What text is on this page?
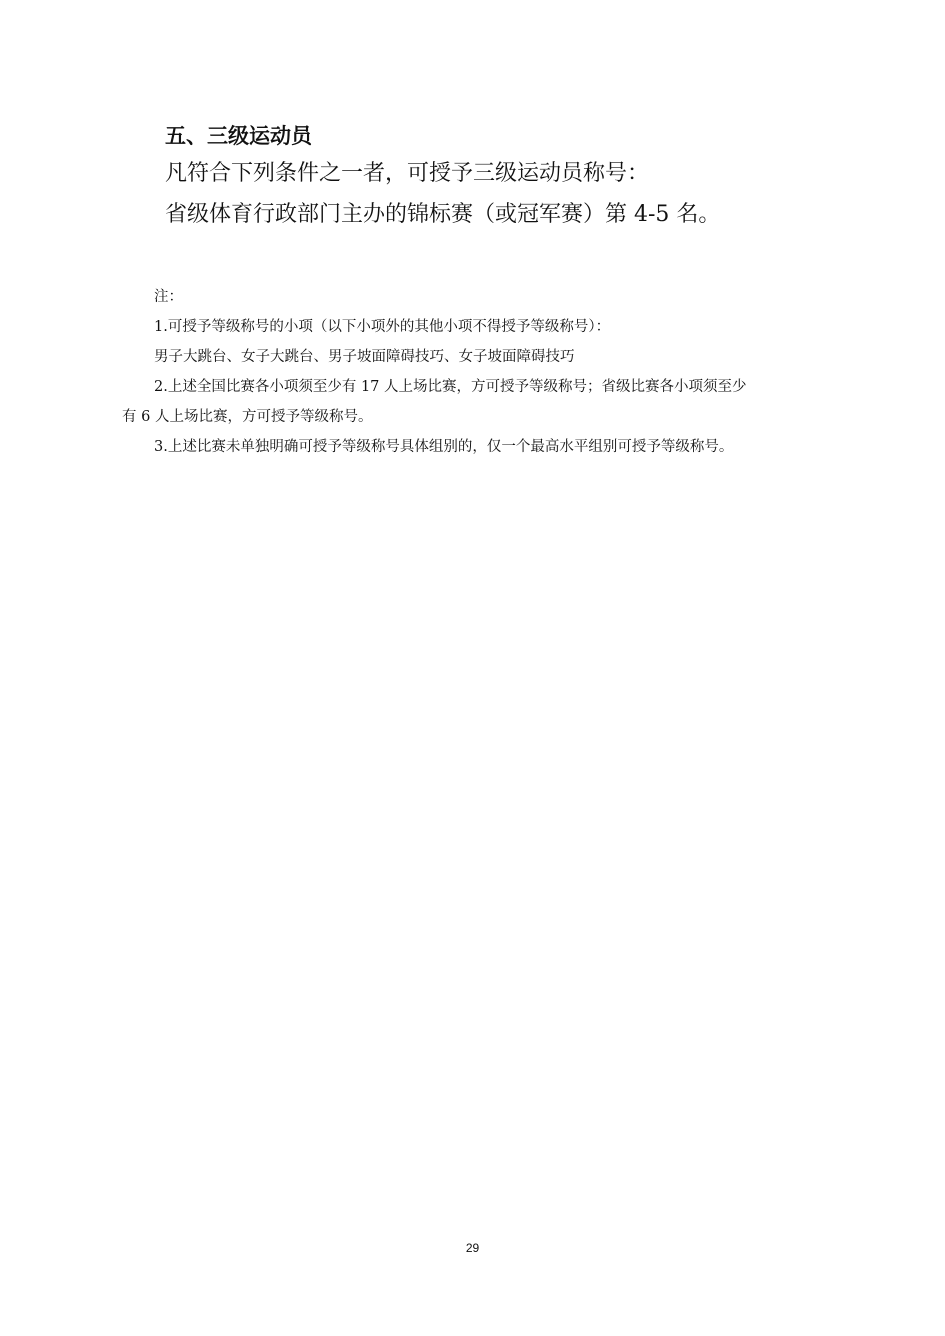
五、三级运动员
凡符合下列条件之一者，可授予三级运动员称号：
省级体育行政部门主办的锦标赛（或冠军赛）第 4-5 名。
注：
1.可授予等级称号的小项（以下小项外的其他小项不得授予等级称号）：
男子大跳台、女子大跳台、男子坡面障碍技巧、女子坡面障碍技巧
2.上述全国比赛各小项须至少有 17 人上场比赛，方可授予等级称号；省级比赛各小项须至少
有 6 人上场比赛，方可授予等级称号。
3.上述比赛未单独明确可授予等级称号具体组别的，仅一个最高水平组别可授予等级称号。
29
